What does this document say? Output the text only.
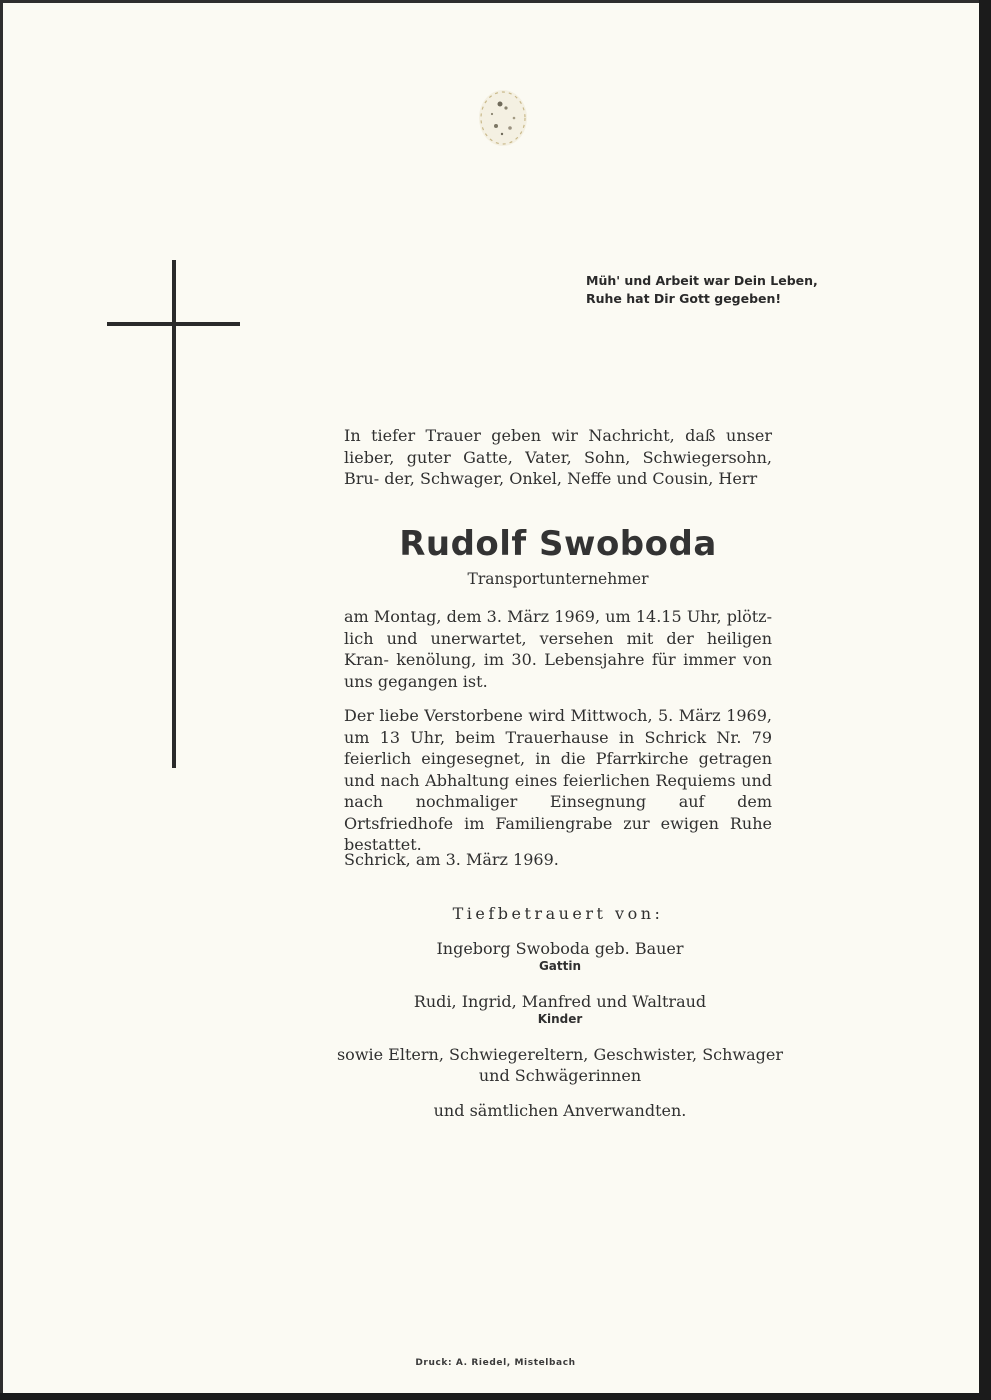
Müh' und Arbeit war Dein Leben,
Ruhe hat Dir Gott gegeben!
In tiefer Trauer geben wir Nachricht, daß unser lieber, guter Gatte, Vater, Sohn, Schwiegersohn, Bru- der, Schwager, Onkel, Neffe und Cousin, Herr
Rudolf Swoboda
Transportunternehmer
am Montag, dem 3. März 1969, um 14.15 Uhr, plötz- lich und unerwartet, versehen mit der heiligen Kran- kenölung, im 30. Lebensjahre für immer von uns gegangen ist.
Der liebe Verstorbene wird Mittwoch, 5. März 1969, um 13 Uhr, beim Trauerhause in Schrick Nr. 79 feierlich eingesegnet, in die Pfarrkirche getragen und nach Abhaltung eines feierlichen Requiems und nach nochmaliger Einsegnung auf dem Ortsfriedhofe im Familiengrabe zur ewigen Ruhe bestattet.
Schrick, am 3. März 1969.
Tiefbetrauert von:
Ingeborg Swoboda geb. Bauer
Gattin
Rudi, Ingrid, Manfred und Waltraud
Kinder
sowie Eltern, Schwiegereltern, Geschwister, Schwager
und Schwägerinnen
und sämtlichen Anverwandten.
Druck: A. Riedel, Mistelbach
